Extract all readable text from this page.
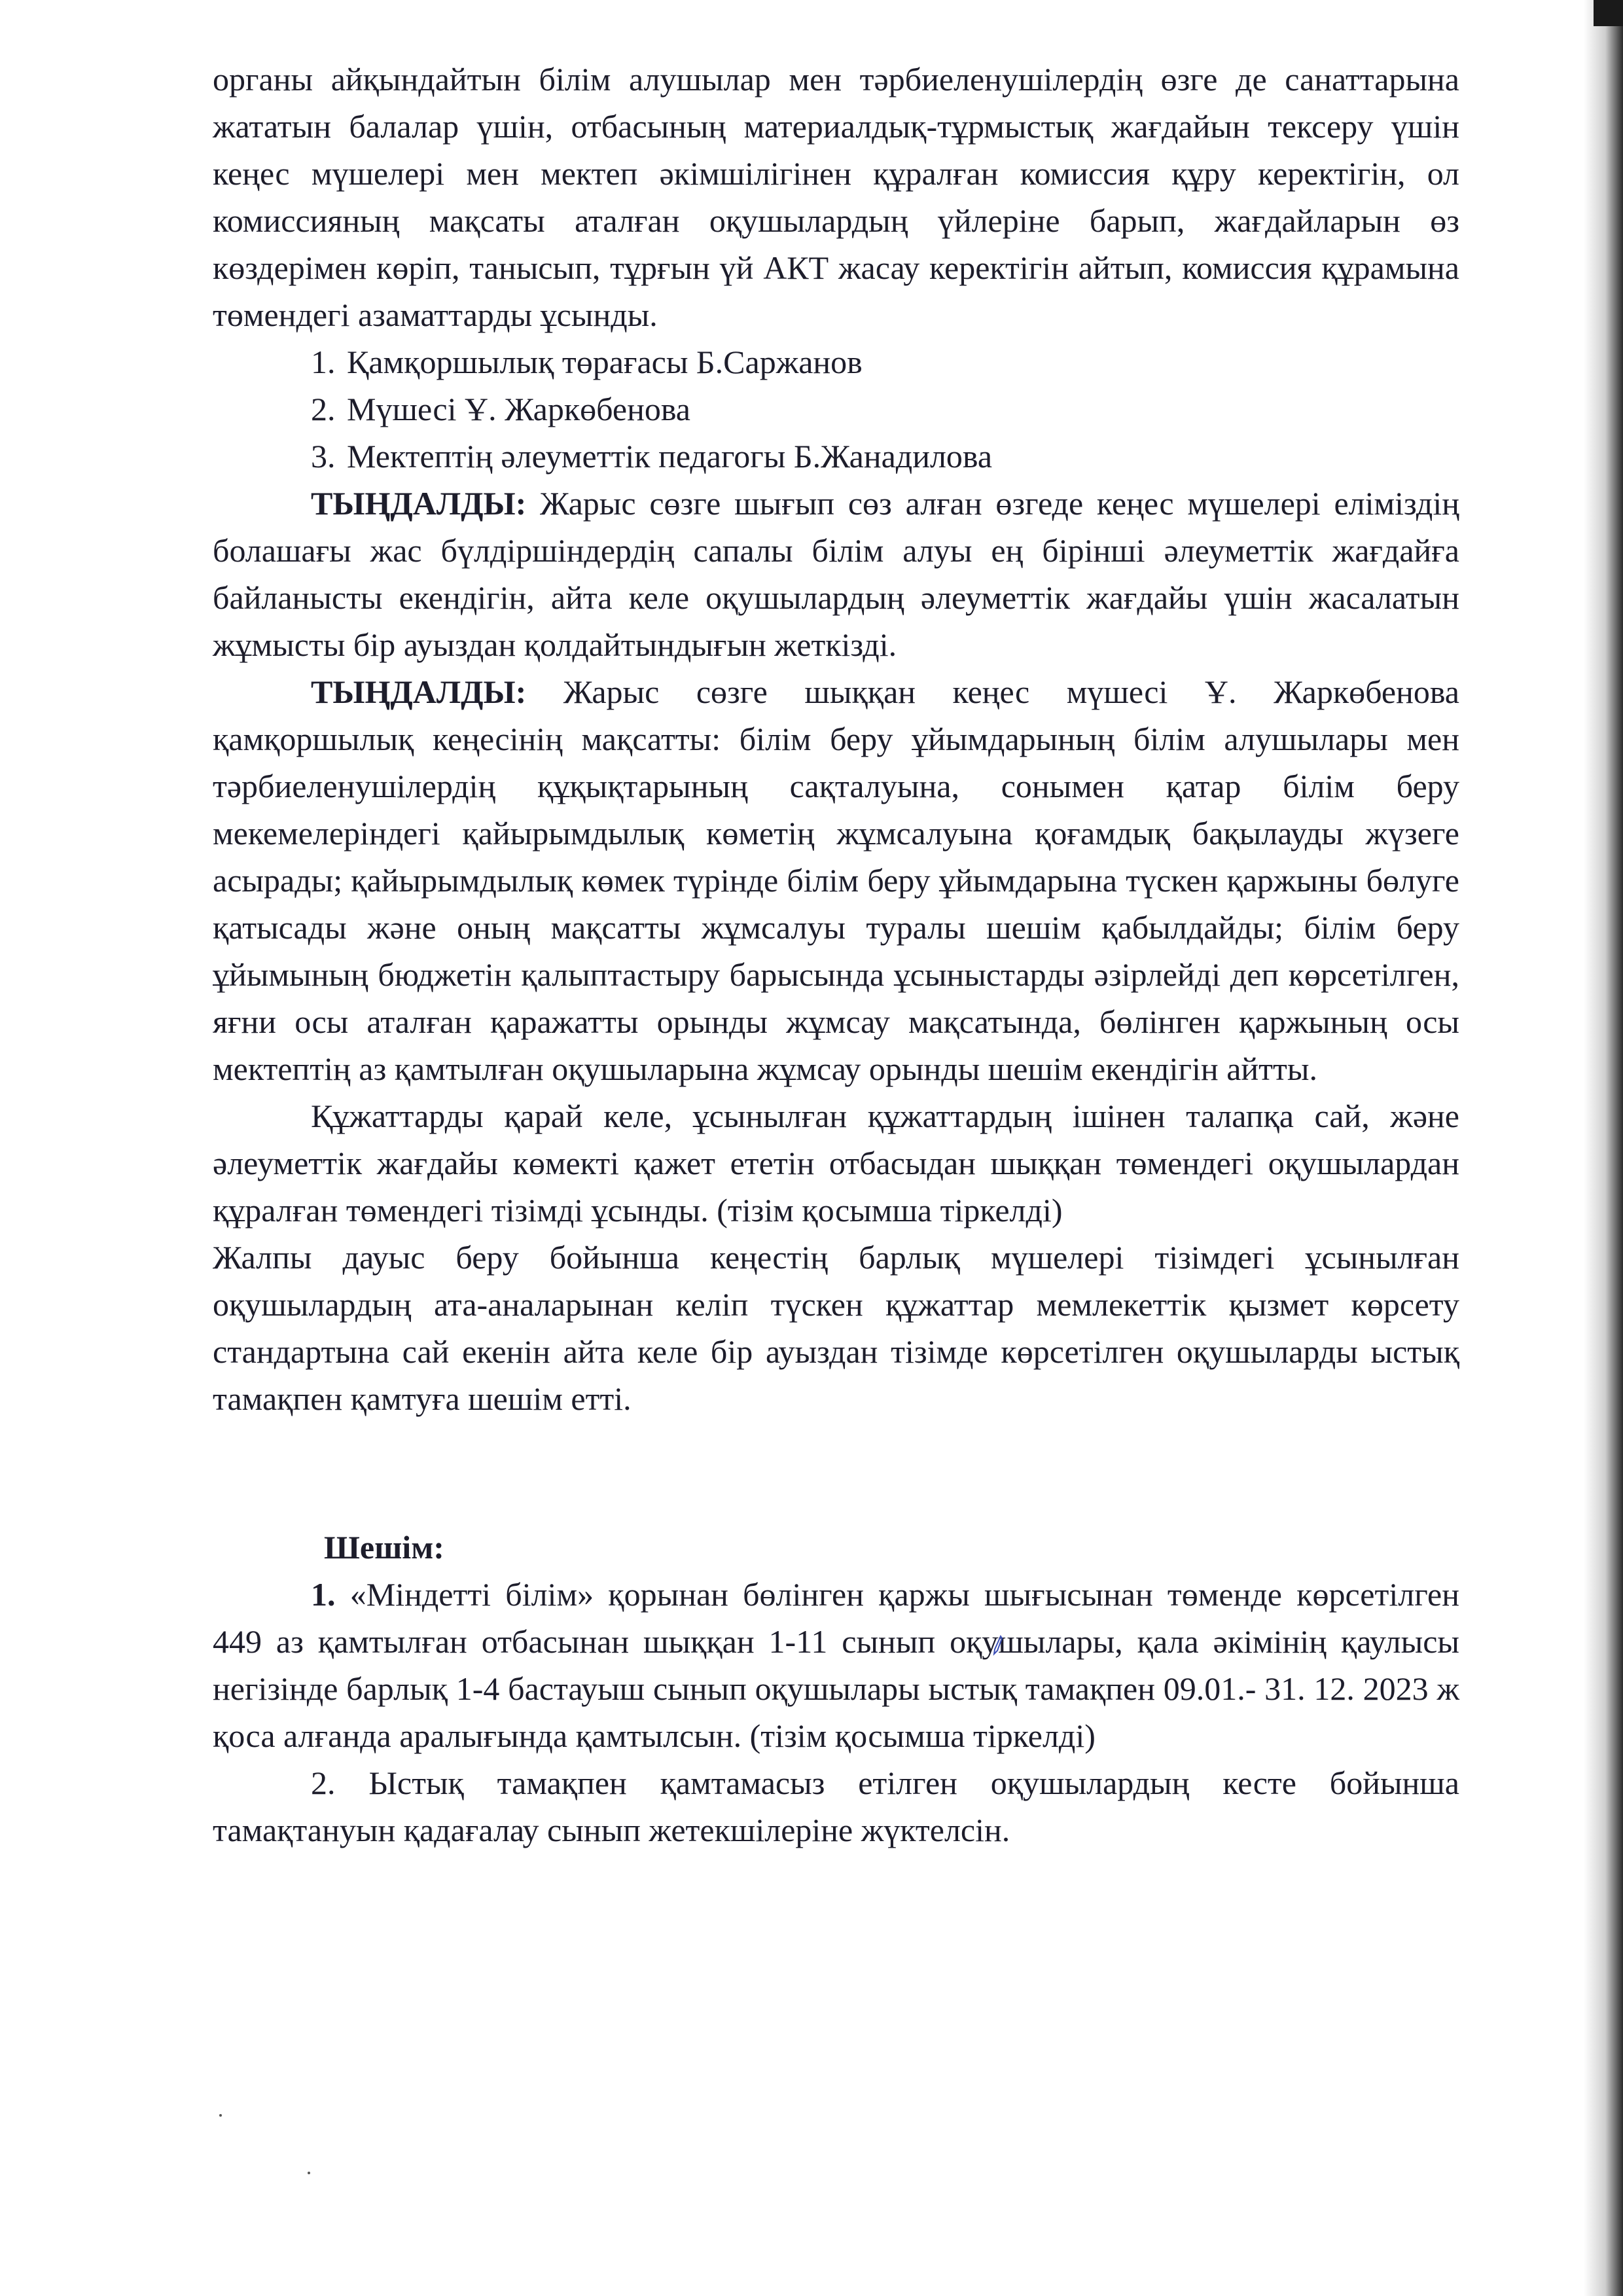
органы айқындайтын білім алушылар мен тәрбиеленушілердің өзге де санаттарына жататын балалар үшін, отбасының материалдық-тұрмыстық жағдайын тексеру үшін кеңес мүшелері мен мектеп әкімшілігінен құралған комиссия құру керектігін, ол комиссияның мақсаты аталған оқушылардың үйлеріне барып, жағдайларын өз көздерімен көріп, танысып, тұрғын үй АКТ жасау керектігін айтып, комиссия құрамына төмендегі азаматтарды ұсынды.

1. Қамқоршылық төрағасы Б.Саржанов
2. Мүшесі Ұ. Жаркөбенова
3. Мектептің әлеуметтік педагогы Б.Жанадилова

ТЫҢДАЛДЫ: Жарыс сөзге шығып сөз алған өзгеде кеңес мүшелері еліміздің болашағы жас бүлдіршіндердің сапалы білім алуы ең бірінші әлеуметтік жағдайға байланысты екендігін, айта келе оқушылардың әлеуметтік жағдайы үшін жасалатын жұмысты бір ауыздан қолдайтындығын жеткізді.

ТЫҢДАЛДЫ: Жарыс сөзге шыққан кеңес мүшесі Ұ. Жаркөбенова қамқоршылық кеңесінің мақсатты: білім беру ұйымдарының білім алушылары мен тәрбиеленушілердің құқықтарының сақталуына, сонымен қатар білім беру мекемелеріндегі қайырымдылық көметің жұмсалуына қоғамдық бақылауды жүзеге асырады; қайырымдылық көмек түрінде білім беру ұйымдарына түскен қаржыны бөлуге қатысады және оның мақсатты жұмсалуы туралы шешім қабылдайды; білім беру ұйымының бюджетін қалыптастыру барысында ұсыныстарды әзірлейді деп көрсетілген, яғни осы аталған қаражатты орынды жұмсау мақсатында, бөлінген қаржының осы мектептің аз қамтылған оқушыларына жұмсау орынды шешім екендігін айтты.

Құжаттарды қарай келе, ұсынылған құжаттардың ішінен талапқа сай, және әлеуметтік жағдайы көмекті қажет ететін отбасыдан шыққан төмендегі оқушылардан құралған төмендегі тізімді ұсынды. (тізім қосымша тіркелді)

Жалпы дауыс беру бойынша кеңестің барлық мүшелері тізімдегі ұсынылған оқушылардың ата-аналарынан келіп түскен құжаттар мемлекеттік қызмет көрсету стандартына сай екенін айта келе бір ауыздан тізімде көрсетілген оқушыларды ыстық тамақпен қамтуға шешім етті.

Шешім:

1. «Міндетті білім» қорынан бөлінген қаржы шығысынан төменде көрсетілген 449 аз қамтылған отбасынан шыққан 1-11 сынып оқушылары, қала әкімінің қаулысы негізінде барлық 1-4 бастауыш сынып оқушылары ыстық тамақпен 09.01.- 31. 12. 2023 ж қоса алғанда аралығында қамтылсын. (тізім қосымша тіркелді)

2. Ыстық тамақпен қамтамасыз етілген оқушылардың кесте бойынша тамақтануын қадағалау сынып жетекшілеріне жүктелсін.
